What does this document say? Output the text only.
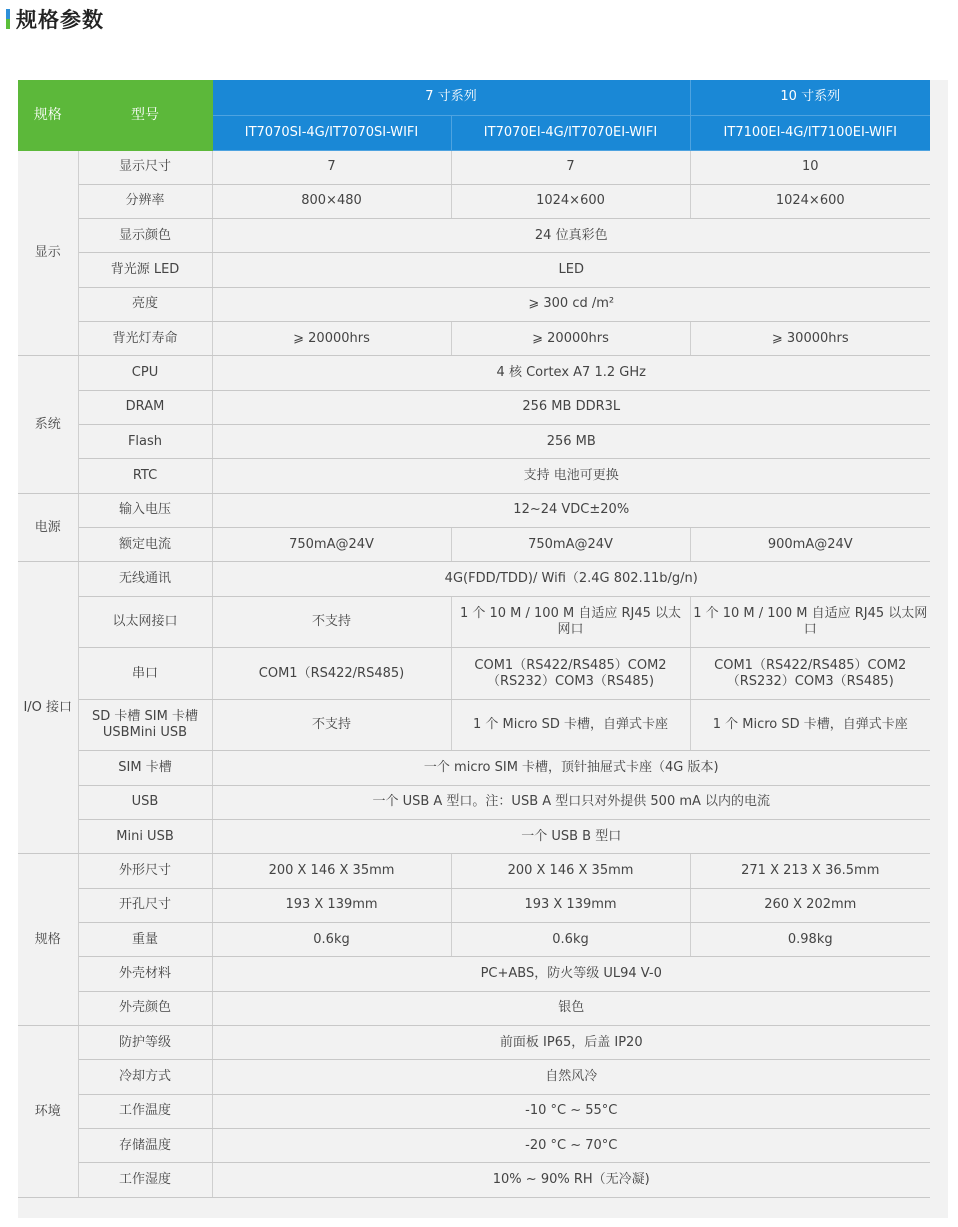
规格参数
规格	型号	7 寸系列		10 寸系列
		IT7070SI-4G/IT7070SI-WIFI	IT7070EI-4G/IT7070EI-WIFI	IT7100EI-4G/IT7100EI-WIFI
显示	显示尺寸	7	7	10
	分辨率	800×480	1024×600	1024×600
	显示颜色	24 位真彩色		
	背光源 LED	LED		
	亮度	⩾ 300 cd /m²		
	背光灯寿命	⩾ 20000hrs	⩾ 20000hrs	⩾ 30000hrs
系统	CPU	4 核 Cortex A7 1.2 GHz		
	DRAM	256 MB DDR3L		
	Flash	256 MB		
	RTC	支持 电池可更换		
电源	输入电压	12~24 VDC±20%		
	额定电流	750mA@24V	750mA@24V	900mA@24V
I/O 接口	无线通讯	4G(FDD/TDD)/ Wifi（2.4G 802.11b/g/n)		
	以太网接口	不支持	1 个 10 M / 100 M 自适应 RJ45 以太网口	1 个 10 M / 100 M 自适应 RJ45 以太网口
	串口	COM1（RS422/RS485)	COM1（RS422/RS485）COM2（RS232）COM3（RS485)	COM1（RS422/RS485）COM2（RS232）COM3（RS485)
	SD 卡槽 SIM 卡槽 USBMini USB	不支持	1 个 Micro SD 卡槽，自弹式卡座	1 个 Micro SD 卡槽，自弹式卡座
	SIM 卡槽	一个 micro SIM 卡槽，顶针抽屉式卡座（4G 版本)		
	USB	一个 USB A 型口。注：USB A 型口只对外提供 500 mA 以内的电流		
	Mini USB	一个 USB B 型口		
规格	外形尺寸	200 X 146 X 35mm	200 X 146 X 35mm	271 X 213 X 36.5mm
	开孔尺寸	193 X 139mm	193 X 139mm	260 X 202mm
	重量	0.6kg	0.6kg	0.98kg
	外壳材料	PC+ABS，防火等级 UL94 V-0		
	外壳颜色	银色		
环境	防护等级	前面板 IP65，后盖 IP20		
	冷却方式	自然风冷		
	工作温度	-10 °C ~ 55°C		
	存储温度	-20 °C ~ 70°C		
	工作湿度	10% ~ 90% RH（无冷凝)		
